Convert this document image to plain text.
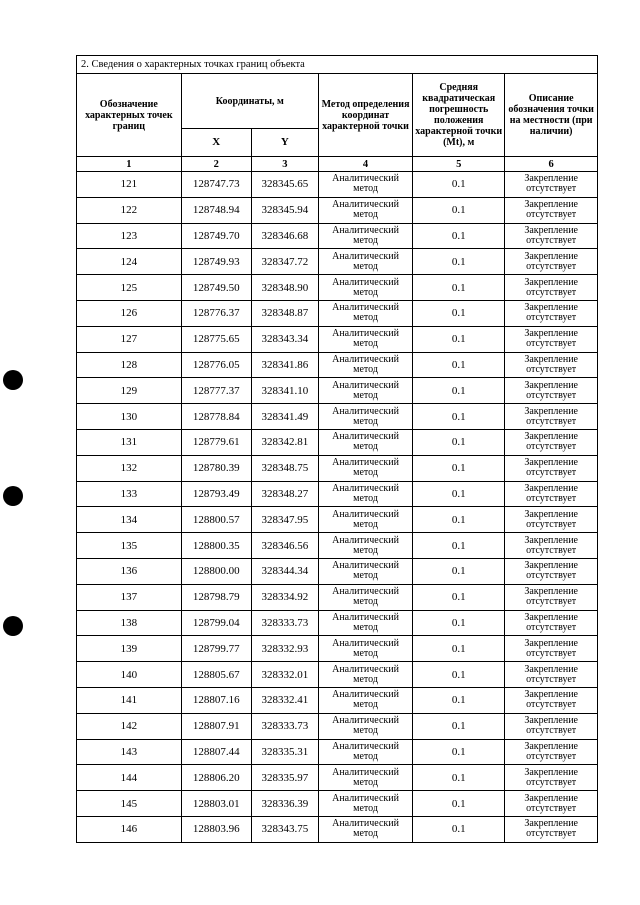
2. Сведения о характерных точках границ объекта
Обозначение характерных точек границ	Координаты, м		Метод определения координат характерной точки	Средняя квадратическая погрешность положения характерной точки (Mt), м	Описание обозначения точки на местности (при наличии)
	X	Y			
1	2	3	4	5	6
121	128747.73	328345.65	Аналитический метод	0.1	Закрепление отсутствует
122	128748.94	328345.94	Аналитический метод	0.1	Закрепление отсутствует
123	128749.70	328346.68	Аналитический метод	0.1	Закрепление отсутствует
124	128749.93	328347.72	Аналитический метод	0.1	Закрепление отсутствует
125	128749.50	328348.90	Аналитический метод	0.1	Закрепление отсутствует
126	128776.37	328348.87	Аналитический метод	0.1	Закрепление отсутствует
127	128775.65	328343.34	Аналитический метод	0.1	Закрепление отсутствует
128	128776.05	328341.86	Аналитический метод	0.1	Закрепление отсутствует
129	128777.37	328341.10	Аналитический метод	0.1	Закрепление отсутствует
130	128778.84	328341.49	Аналитический метод	0.1	Закрепление отсутствует
131	128779.61	328342.81	Аналитический метод	0.1	Закрепление отсутствует
132	128780.39	328348.75	Аналитический метод	0.1	Закрепление отсутствует
133	128793.49	328348.27	Аналитический метод	0.1	Закрепление отсутствует
134	128800.57	328347.95	Аналитический метод	0.1	Закрепление отсутствует
135	128800.35	328346.56	Аналитический метод	0.1	Закрепление отсутствует
136	128800.00	328344.34	Аналитический метод	0.1	Закрепление отсутствует
137	128798.79	328334.92	Аналитический метод	0.1	Закрепление отсутствует
138	128799.04	328333.73	Аналитический метод	0.1	Закрепление отсутствует
139	128799.77	328332.93	Аналитический метод	0.1	Закрепление отсутствует
140	128805.67	328332.01	Аналитический метод	0.1	Закрепление отсутствует
141	128807.16	328332.41	Аналитический метод	0.1	Закрепление отсутствует
142	128807.91	328333.73	Аналитический метод	0.1	Закрепление отсутствует
143	128807.44	328335.31	Аналитический метод	0.1	Закрепление отсутствует
144	128806.20	328335.97	Аналитический метод	0.1	Закрепление отсутствует
145	128803.01	328336.39	Аналитический метод	0.1	Закрепление отсутствует
146	128803.96	328343.75	Аналитический метод	0.1	Закрепление отсутствует
